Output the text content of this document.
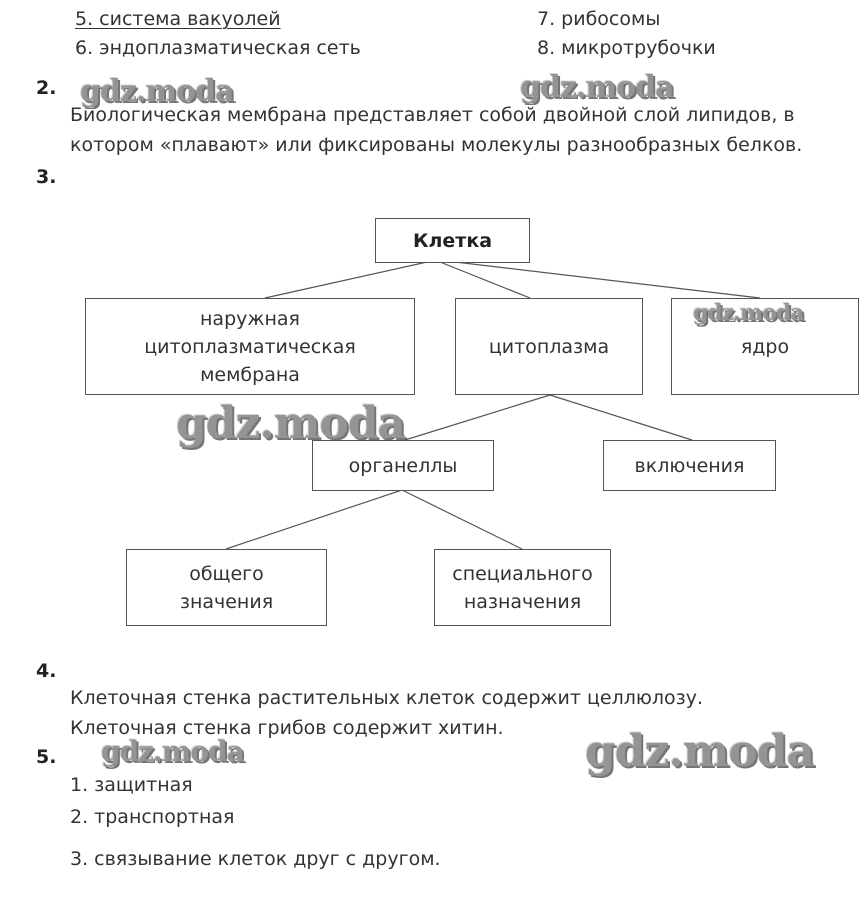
5. система вакуолей
6. эндоплазматическая сеть
7. рибосомы
8. микротрубочки
2.
Биологическая мембрана представляет собой двойной слой липидов, в
котором «плавают» или фиксированы молекулы разнообразных белков.
3.
Клетка
наружная
цитоплазматическая
мембрана
цитоплазма	ядро
органеллы	включения
общего
значения
специального
назначения
4.
Клеточная стенка растительных клеток содержит целлюлозу.
Клеточная стенка грибов содержит хитин.
5.
1. защитная
2. транспортная
3. связывание клеток друг с другом.
gdz.moda	gdz.moda
gdz.moda
gdz.moda
gdz.moda	gdz.moda
